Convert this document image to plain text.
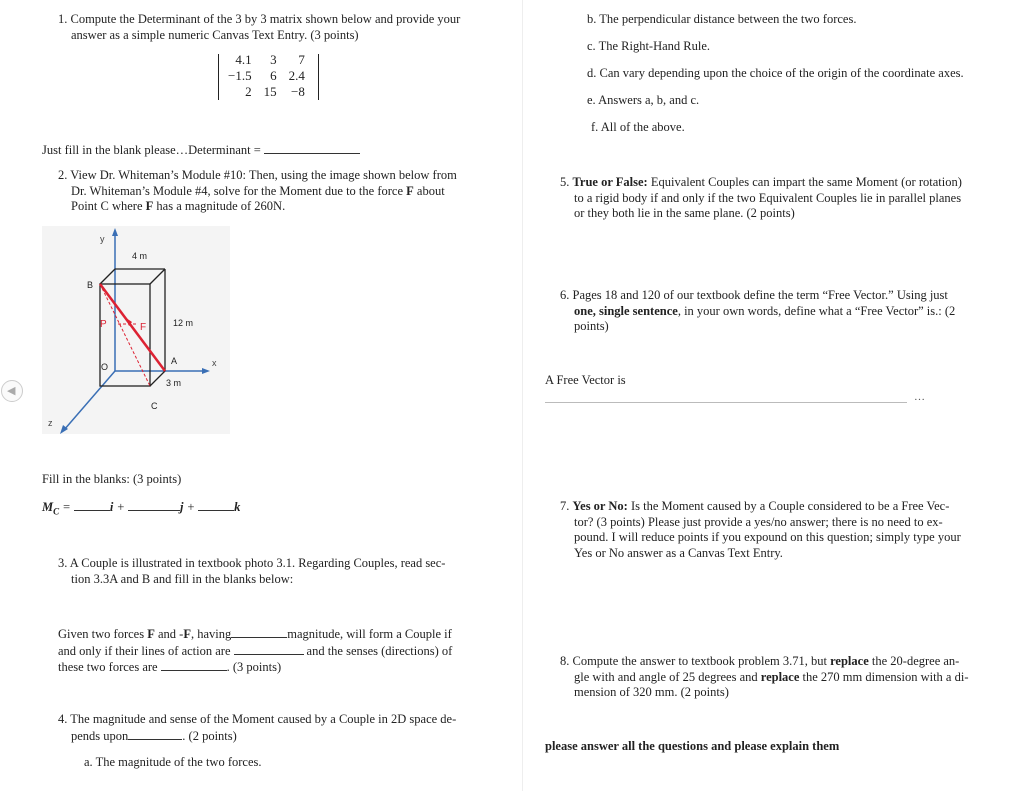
◀
1. Compute the Determinant of the 3 by 3 matrix shown below and provide your
answer as a simple numeric Canvas Text Entry. (3 points)
4.1	3	7
−1.5	6	2.4
2	15	−8
Just fill in the blank please…Determinant =
2. View Dr. Whiteman’s Module #10: Then, using the image shown below from
Dr. Whiteman’s Module #4, solve for the Moment due to the force F about
Point C where F has a magnitude of 260N.
y
x
z
4 m
12 m
3 m
B
P	F
O
A
C
Fill in the blanks: (3 points)
$M_C$ =	i +	j +	k
3. A Couple is illustrated in textbook photo 3.1. Regarding Couples, read sec-
tion 3.3A and B and fill in the blanks below:
Given two forces F and -F, having	magnitude, will form a Couple if
and only if their lines of action are	and the senses (directions) of
these two forces are	. (3 points)
4. The magnitude and sense of the Moment caused by a Couple in 2D space de-
pends upon	. (2 points)
a. The magnitude of the two forces.
b. The perpendicular distance between the two forces.
c. The Right-Hand Rule.
d. Can vary depending upon the choice of the origin of the coordinate axes.
e. Answers a, b, and c.
f. All of the above.
5. True or False: Equivalent Couples can impart the same Moment (or rotation)
to a rigid body if and only if the two Equivalent Couples lie in parallel planes
or they both lie in the same plane. (2 points)
6. Pages 18 and 120 of our textbook define the term “Free Vector.” Using just
one, single sentence, in your own words, define what a “Free Vector” is.: (2
points)
A Free Vector is
…
7. Yes or No: Is the Moment caused by a Couple considered to be a Free Vec-
tor? (3 points) Please just provide a yes/no answer; there is no need to ex-
pound. I will reduce points if you expound on this question; simply type your
Yes or No answer as a Canvas Text Entry.
8. Compute the answer to textbook problem 3.71, but replace the 20-degree an-
gle with and angle of 25 degrees and replace the 270 mm dimension with a di-
mension of 320 mm. (2 points)
please answer all the questions and please explain them
